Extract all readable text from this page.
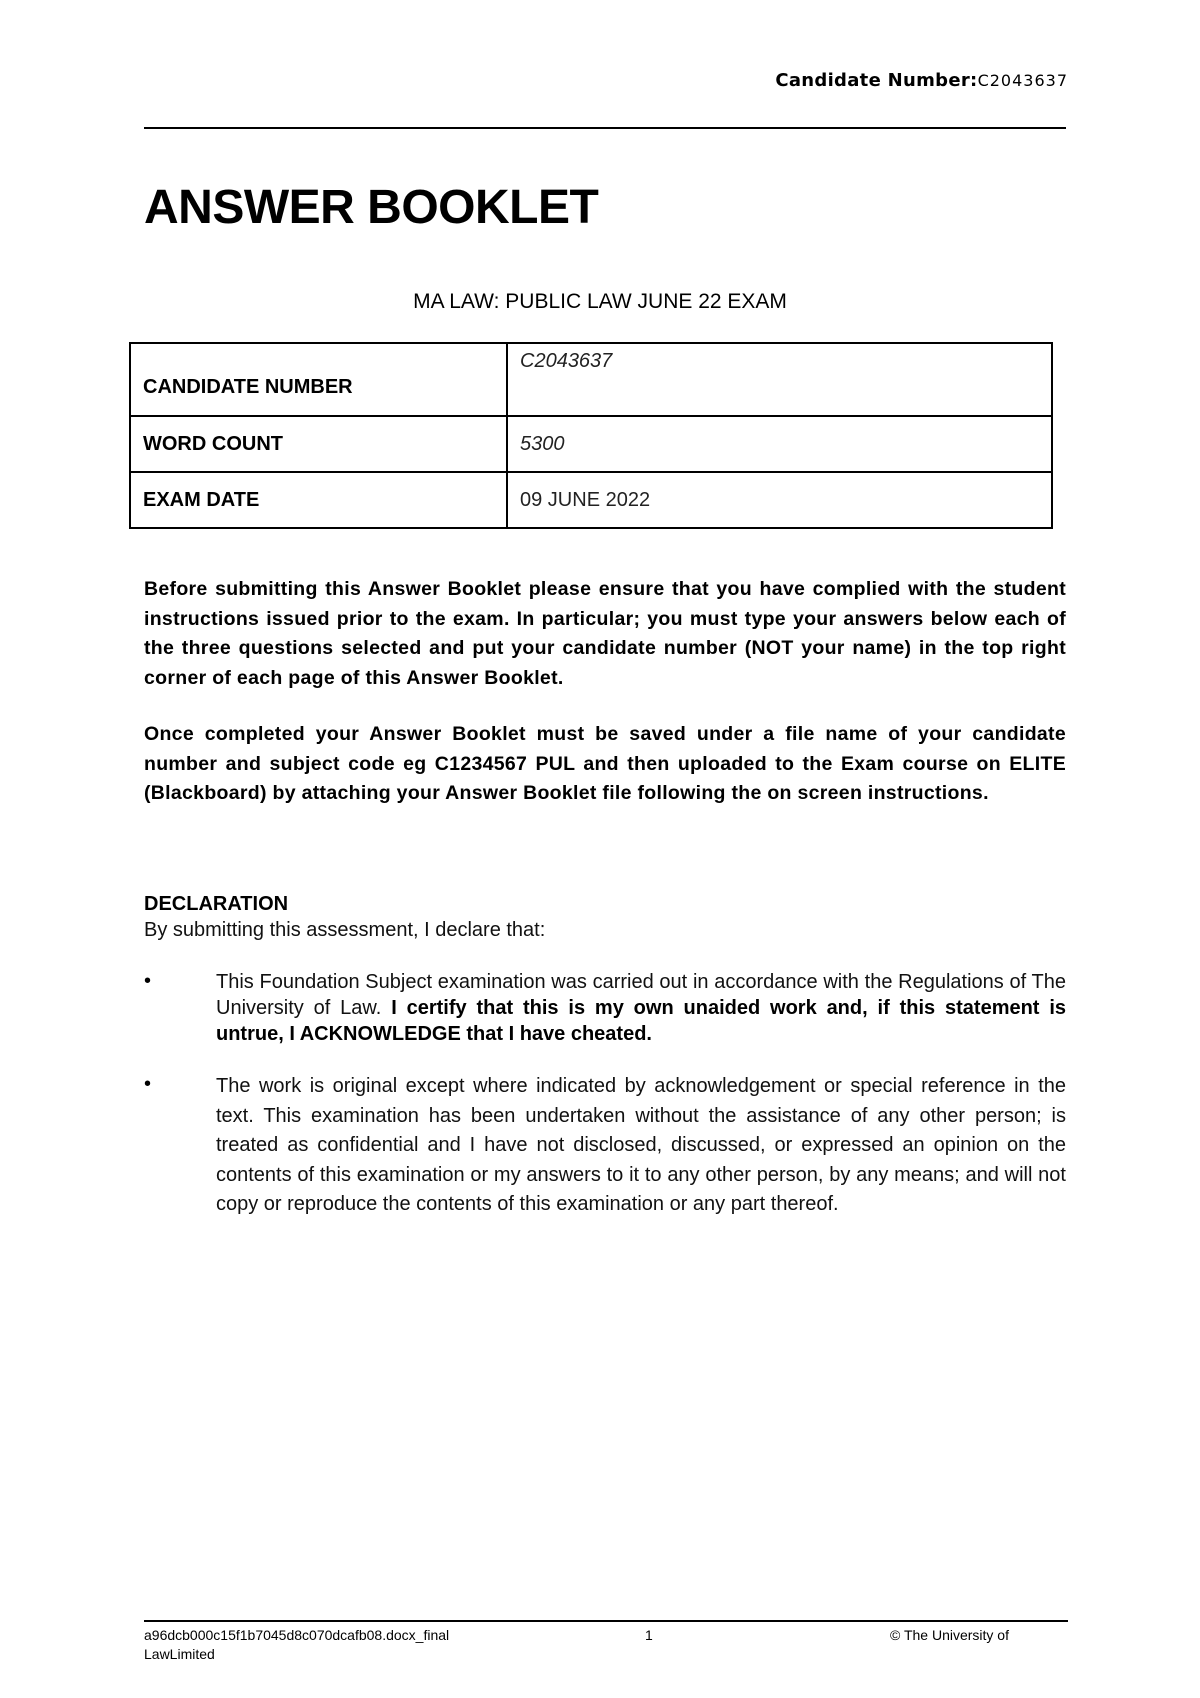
Candidate Number:C2043637
ANSWER BOOKLET
MA LAW: PUBLIC LAW JUNE 22 EXAM
CANDIDATE NUMBER	C2043637
WORD COUNT	5300
EXAM DATE	09 JUNE 2022

Before submitting this Answer Booklet please ensure that you have complied with the student instructions issued prior to the exam. In particular; you must type your answers below each of the three questions selected and put your candidate number (NOT your name) in the top right corner of each page of this Answer Booklet.

Once completed your Answer Booklet must be saved under a file name of your candidate number and subject code eg C1234567 PUL and then uploaded to the Exam course on ELITE (Blackboard) by attaching your Answer Booklet file following the on screen instructions.

DECLARATION

By submitting this assessment, I declare that:

•	This Foundation Subject examination was carried out in accordance with the Regulations of The University of Law. I certify that this is my own unaided work and, if this statement is untrue, I ACKNOWLEDGE that I have cheated.

•	The work is original except where indicated by acknowledgement or special reference in the text. This examination has been undertaken without the assistance of any other person; is treated as confidential and I have not disclosed, discussed, or expressed an opinion on the contents of this examination or my answers to it to any other person, by any means; and will not copy or reproduce the contents of this examination or any part thereof.

a96dcb000c15f1b7045d8c070dcafb08.docx_final
LawLimited
1	© The University of
